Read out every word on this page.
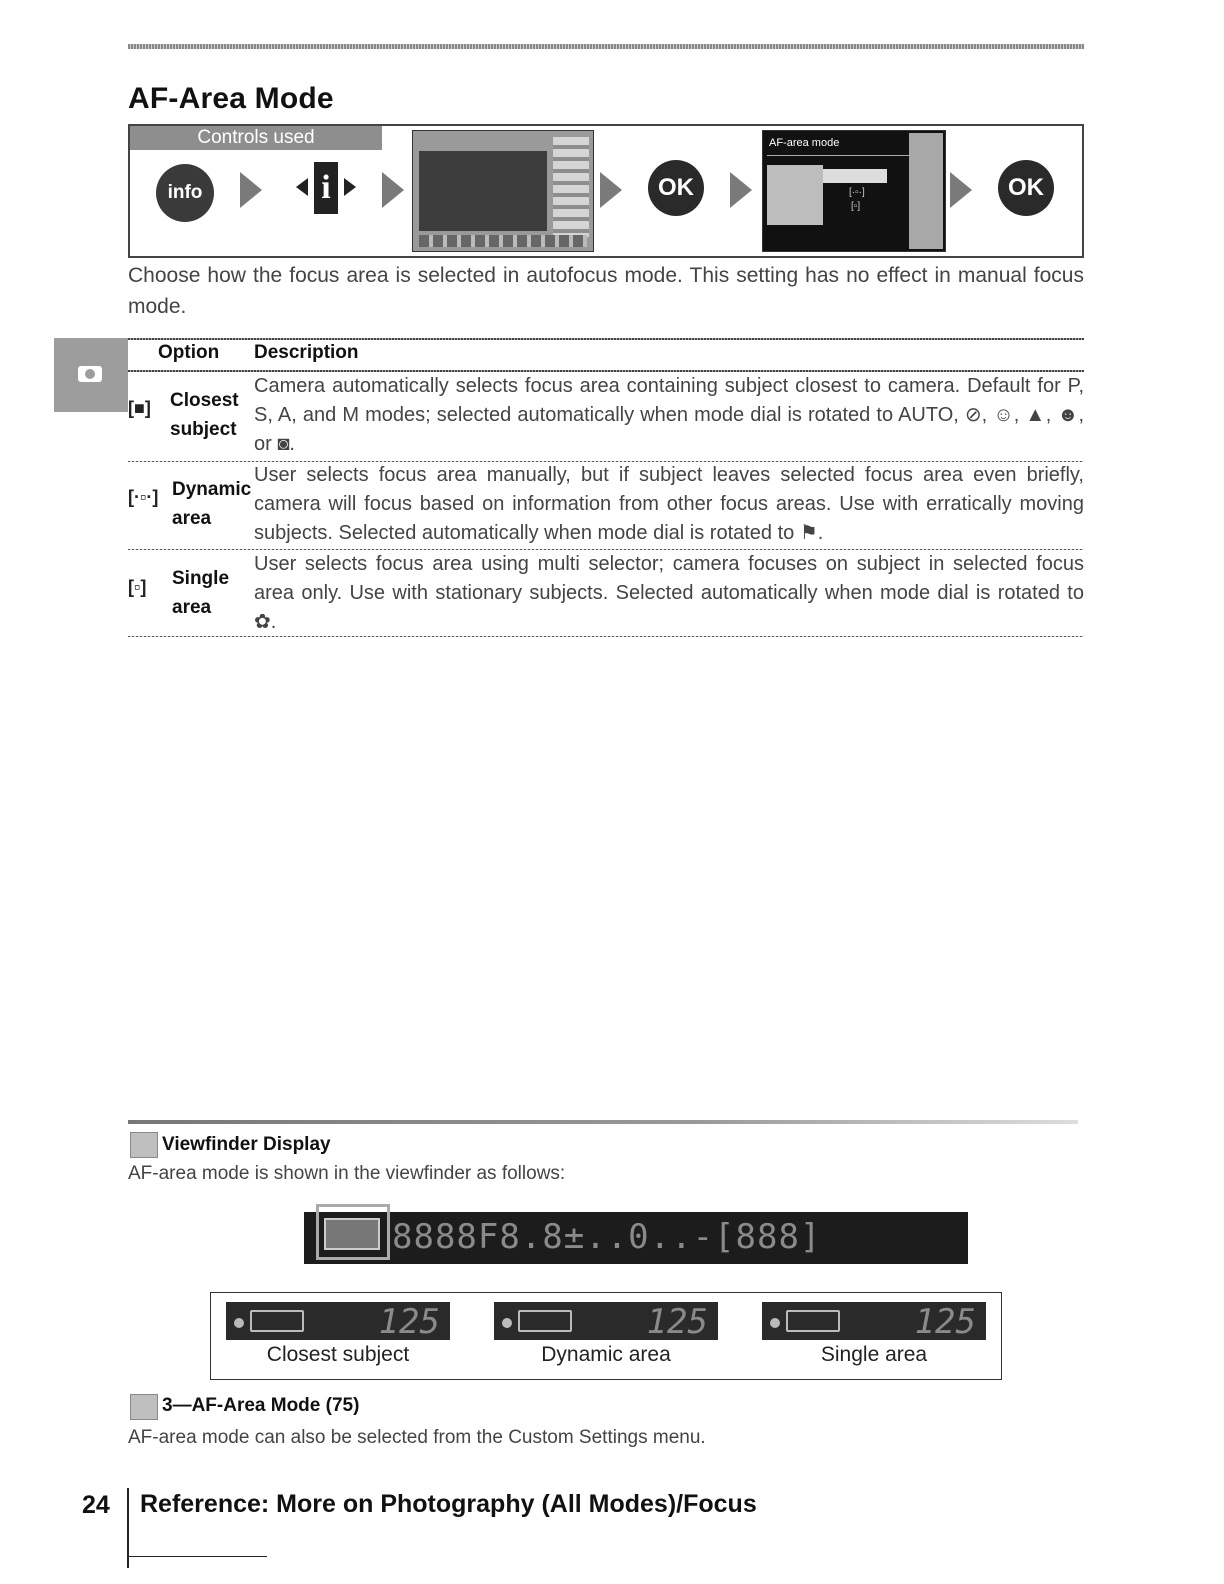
AF-Area Mode
Controls used
info	i	OK
AF-area mode
[·▫·]
[▫]
OK
Choose how the focus area is selected in autofocus mode. This setting has no effect in manual focus mode.
Option Description
[■] Closest
subject
Camera automatically selects focus area containing subject closest to camera. Default for P, S, A, and M modes; selected automatically when mode dial is rotated to AUTO, ⊘, ☺, ▲, ☻, or ◙.
[·▫·] Dynamic
area
User selects focus area manually, but if subject leaves selected focus area even briefly, camera will focus based on information from other focus areas. Use with erratically moving subjects. Selected automatically when mode dial is rotated to ⚑.
[▫] Single
area
User selects focus area using multi selector; camera focuses on subject in selected focus area only. Use with stationary subjects. Selected automatically when mode dial is rotated to ✿.
Viewfinder Display
AF-area mode is shown in the viewfinder as follows:
8888F8.8±..0..-[888]
125
Closest subject
125
Dynamic area
125
Single area
3—AF-Area Mode (75)
AF-area mode can also be selected from the Custom Settings menu.
24 Reference: More on Photography (All Modes)/Focus
